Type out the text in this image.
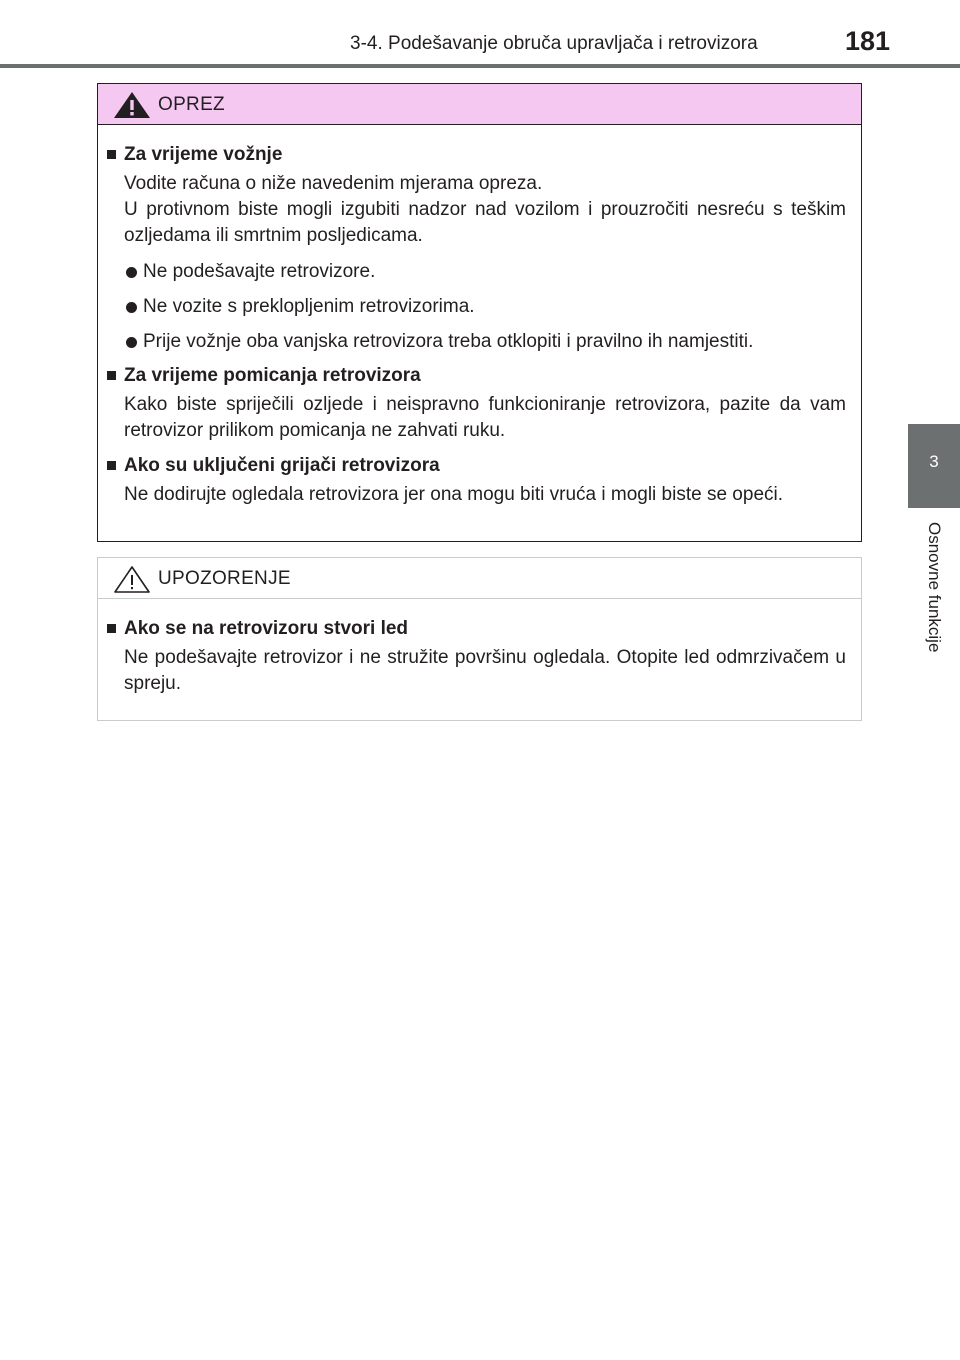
3-4. Podešavanje obruča upravljača i retrovizora	181
3
Osnovne funkcije
OPREZ
Za vrijeme vožnje
Vodite računa o niže navedenim mjerama opreza.
U protivnom biste mogli izgubiti nadzor nad vozilom i prouzročiti nesreću s teškim ozljedama ili smrtnim posljedicama.
Ne podešavajte retrovizore.
Ne vozite s preklopljenim retrovizorima.
Prije vožnje oba vanjska retrovizora treba otklopiti i pravilno ih namjestiti.
Za vrijeme pomicanja retrovizora
Kako biste spriječili ozljede i neispravno funkcioniranje retrovizora, pazite da vam retrovizor prilikom pomicanja ne zahvati ruku.
Ako su uključeni grijači retrovizora
Ne dodirujte ogledala retrovizora jer ona mogu biti vruća i mogli biste se opeći.
UPOZORENJE
Ako se na retrovizoru stvori led
Ne podešavajte retrovizor i ne stružite površinu ogledala. Otopite led odmrzivačem u spreju.
